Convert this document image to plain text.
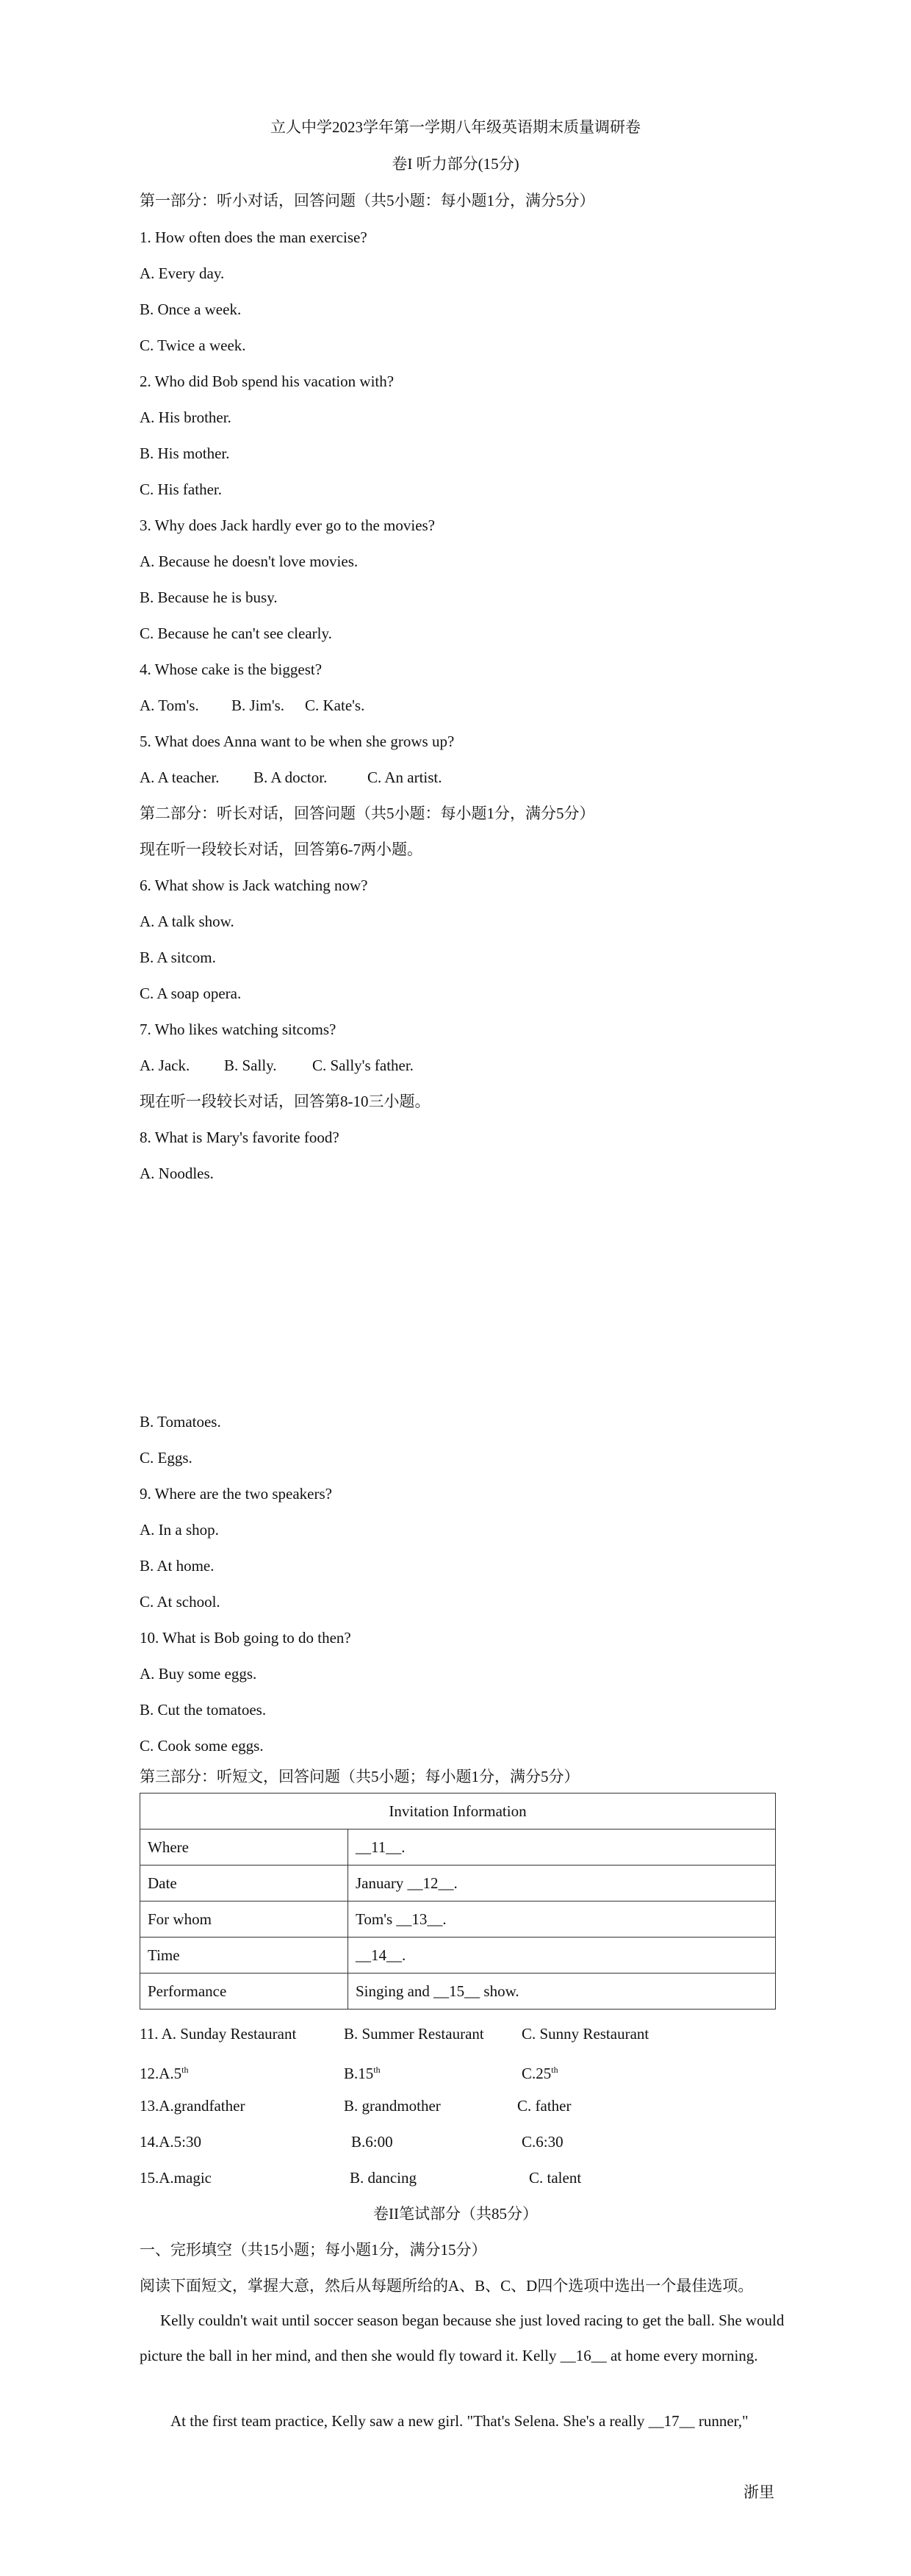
立人中学2023学年第一学期八年级英语期末质量调研卷
卷I 听力部分(15分)
第一部分：听小对话，回答问题（共5小题：每小题1分，满分5分）
1. How often does the man exercise?
A. Every day.
B. Once a week.
C. Twice a week.
2. Who did Bob spend his vacation with?
A. His brother.
B. His mother.
C. His father.
3. Why does Jack hardly ever go to the movies?
A. Because he doesn't love movies.
B. Because he is busy.
C. Because he can't see clearly.
4. Whose cake is the biggest?
A. Tom's. B. Jim's. C. Kate's.
5. What does Anna want to be when she grows up?
A. A teacher. B. A doctor.	C. An artist.
第二部分：听长对话，回答问题（共5小题：每小题1分，满分5分）
现在听一段较长对话，回答第6-7两小题。
6. What show is Jack watching now?
A. A talk show.
B. A sitcom.
C. A soap opera.
7. Who likes watching sitcoms?
A. Jack. B. Sally. C. Sally's father.
现在听一段较长对话，回答第8-10三小题。
8. What is Mary's favorite food?
A. Noodles.
B. Tomatoes.
C. Eggs.
9. Where are the two speakers?
A. In a shop.
B. At home.
C. At school.
10. What is Bob going to do then?
A. Buy some eggs.
B. Cut the tomatoes.
C. Cook some eggs.
第三部分：听短文，回答问题（共5小题；每小题1分，满分5分）
Invitation Information	
Where	__11__.
Date	January __12__.
For whom	Tom's __13__.
Time	__14__.
Performance	Singing and __15__ show.
11. A. Sunday Restaurant	B. Summer Restaurant C. Sunny Restaurant
12.A.5th	B.15th	C.25th
13.A.grandfather	B. grandmother	C. father
14.A.5:30	B.6:00	C.6:30
15.A.magic	B. dancing	C. talent
卷II笔试部分（共85分）
一、完形填空（共15小题；每小题1分，满分15分）
阅读下面短文，掌握大意，然后从每题所给的A、B、C、D四个选项中选出一个最佳选项。
Kelly couldn't wait until soccer season began because she just loved racing to get the ball. She would picture the ball in her mind, and then she would fly toward it. Kelly __16__ at home every morning.
At the first team practice, Kelly saw a new girl. "That's Selena. She's a really __17__ runner,"
浙里
